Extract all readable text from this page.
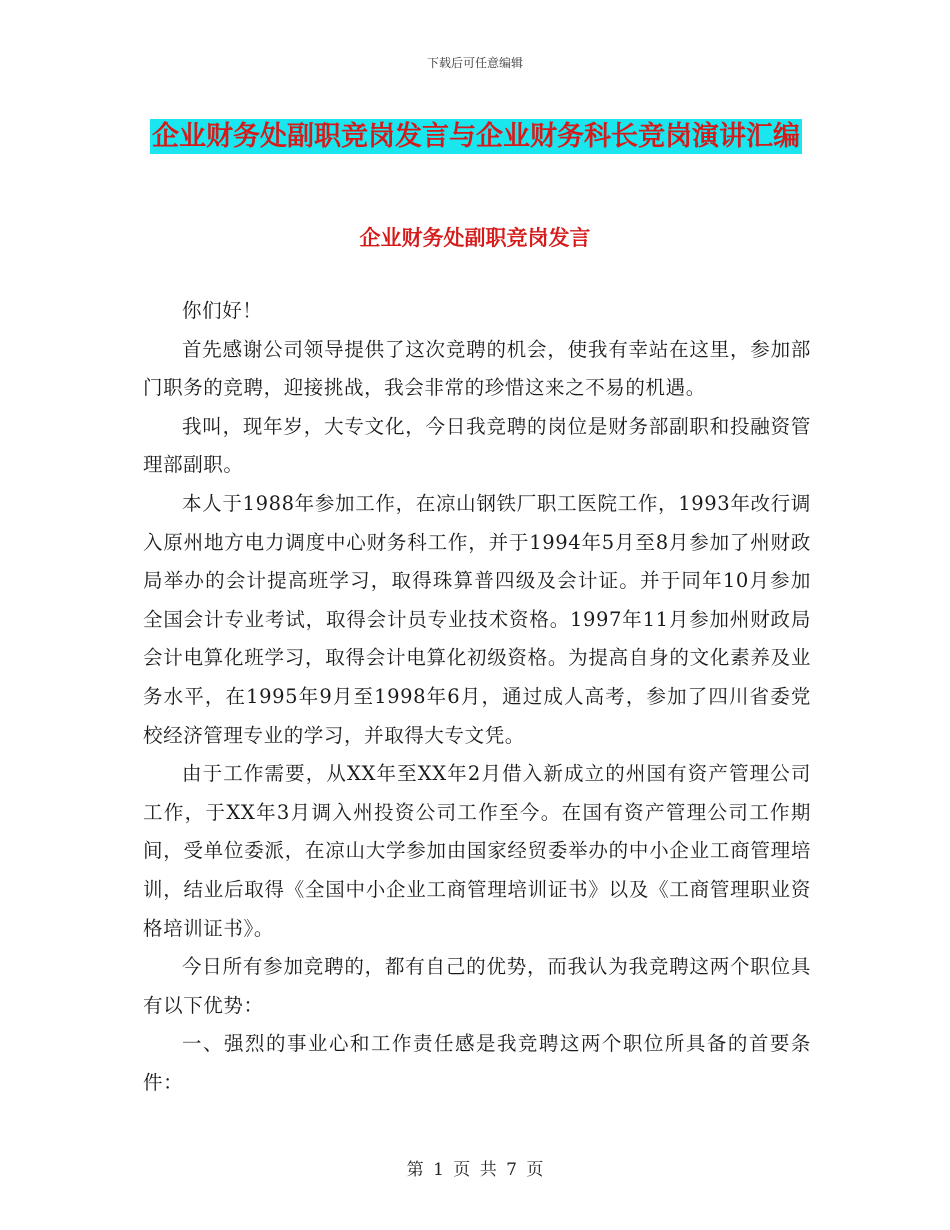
下载后可任意编辑
企业财务处副职竞岗发言与企业财务科长竞岗演讲汇编
企业财务处副职竞岗发言

你们好！

首先感谢公司领导提供了这次竞聘的机会，使我有幸站在这里，参加部门职务的竞聘，迎接挑战，我会非常的珍惜这来之不易的机遇。

我叫，现年岁，大专文化，今日我竞聘的岗位是财务部副职和投融资管理部副职。

本人于1988年参加工作，在凉山钢铁厂职工医院工作，1993年改行调入原州地方电力调度中心财务科工作，并于1994年5月至8月参加了州财政局举办的会计提高班学习，取得珠算普四级及会计证。并于同年10月参加全国会计专业考试，取得会计员专业技术资格。1997年11月参加州财政局会计电算化班学习，取得会计电算化初级资格。为提高自身的文化素养及业务水平，在1995年9月至1998年6月，通过成人高考，参加了四川省委党校经济管理专业的学习，并取得大专文凭。

由于工作需要，从XX年至XX年2月借入新成立的州国有资产管理公司工作，于XX年3月调入州投资公司工作至今。在国有资产管理公司工作期间，受单位委派，在凉山大学参加由国家经贸委举办的中小企业工商管理培训，结业后取得《全国中小企业工商管理培训证书》以及《工商管理职业资格培训证书》。

今日所有参加竞聘的，都有自己的优势，而我认为我竞聘这两个职位具有以下优势：

一、强烈的事业心和工作责任感是我竞聘这两个职位所具备的首要条件：

第 1 页 共 7 页
